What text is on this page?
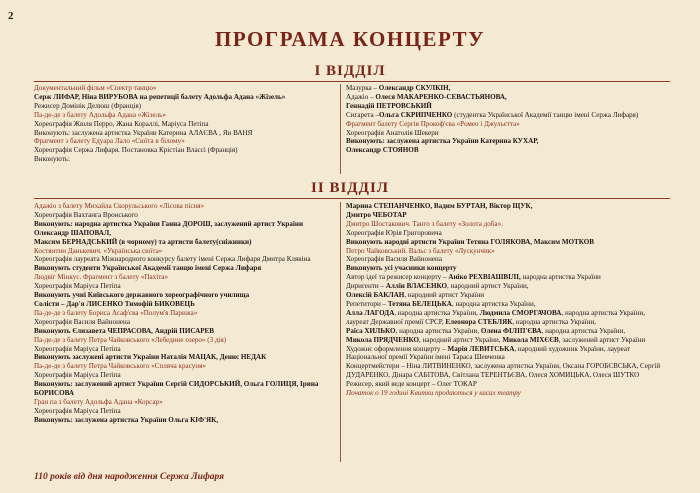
2
ПРОГРАМА КОНЦЕРТУ
І ВІДДІЛ

Документальний фільм «Спектр танцю»

Серж ЛИФАР, Ніна ВИРУБОВА на репетиції балету Адольфа Адана «Жізель»

Режисер Домінік Делюш (Франція)

Па-де-де з балету Адольфа Адана «Жізель»

Хореографія Жюля Перро, Жана Кораллі, Маріуса Петіпа

Виконують: заслужена артистка України Катерина АЛАЄВА , Ян ВАНЯ

Фрагмент з балету Едуара Лало «Сюїта в білому»

Хореографія Сержа Лифаря. Постановка Крістіан Влассі (Франція)

Виконують:

Мазурка – Олександр СКУЛКІН,

Адажіо – Олеся МАКАРЕНКО-СЕВАСТЬЯНОВА,

Геннадій ПЕТРОВСЬКИЙ

Сигарета –Ольга СКРИПЧЕНКО (студентка Української Академії танцю імені Сержа Лифаря)

Фрагмент балету Сергія Прокоф'єва «Ромео і Джульєтта»

Хореографія Анатолія Шекери

Виконують: заслужена артистка України Катерина КУХАР,

Олександр СТОЯНОВ

ІІ ВІДДІЛ

Адажіо з балету Михайла Скорульського «Лісова пісня»

Хореографія Вахтанга Вронського

Виконують: народна артистка України Ганна ДОРОШ, заслужений артист України Олександр ШАПОВАЛ,

Максим БЕРНАДСЬКИЙ (в чорному) та артисти балету(сніжинки)

Костянтин Данькевич. «Українська сюїта»

Хореографія лауреата Міжнародного конкурсу балету імені Сержа Лифаря Дмитра Клявіна

Виконують студенти Української Академії танцю імені Сержа Лифаря

Людвіг Мінкус. Фрагмент з балету «Пахіта»

Хореографія Маріуса Петіпа

Виконують учні Київського державного хореографічного училища

Солісти – Дар'я ЛИСЕНКО Тимофій БИКОВЕЦЬ

Па-де-де з балету Бориса Асаф'єва «Полум'я Парижа»

Хореографія Василя Вайнонена

Виконують Єлизавета ЧЕПРАСОВА, Андрій ПИСАРЕВ

Па-де-де з балету Петра Чайковського «Лебедине озеро» (3 дія)

Хореографія Маріуса Петіпа

Виконують заслужені артисти України Наталія МАЦАК, Денис НЕДАК

Па-де-де з балету Петра Чайковського «Спляча красуня»

Хореографія Маріуса Петіпа

Виконують: заслужений артист України Сергій СИДОРСЬКИЙ, Ольга ГОЛИЦЯ, Ірина БОРИСОВА

Гран па з балету Адольфа Адана «Корсар»

Хореографія Маріуса Петіпа

Виконують: заслужена артистка України Ольга КІФ'ЯК,

Марина СТЕПАНЧЕНКО, Вадим БУРТАН, Віктор ЩУК,

Дмитро ЧЕБОТАР

Дмитро Шостакович. Танго з балету «Золота доба».

Хореографія Юрія Григоровича

Виконують народні артисти України Тетяна ГОЛЯКОВА, Максим МОТКОВ

Петро Чайковський. Вальс з балету «Лускунчик»

Хореографія Василя Вайнонена

Виконують усі учасники концерту

Автор ідеї та режисер концерту – Аніко РЕХВІАШВІЛІ, народна артистка України

Диригенти – Аллін ВЛАСЕНКО, народний артист України,

Олексій БАКЛАН, народний артист України

Репетитори – Тетяна БЕЛЕЦЬКА, народна артистка України,

Алла ЛАГОДА, народна артистка України, Людмила СМОРГАЧОВА, народна артистка України, лауреат Державної премії СРСР, Елеонора СТЕБЛЯК, народна артистка України,

Раїса ХИЛЬКО, народна артистка України, Олена ФІЛІП'ЄВА, народна артистка України,

Микола ПРЯДЧЕНКО, народний артист України, Микола МІХЄЄВ, заслужений артист України

Художнє оформлення концерту – Марія ЛЕВИТСЬКА, народний художник України, лауреат Національної премії України імені Тараса Шевченка

Концертмейстери – Ніна ЛИТВИНЕНКО, заслужена артистка України, Оксана ГОРОБЄВСЬКА, Сергій ДУДАРЕНКО, Дінара САБІТОВА, Світлана ТЕРЕНТЬЄВА, Олеся ХОМИЦЬКА, Олеся ШУТКО

Режисер, який веде концерт – Олег ТОКАР

Початок о 19 годині Квитки продаються у касах театру

110 років від дня народження Сержа Лифаря
